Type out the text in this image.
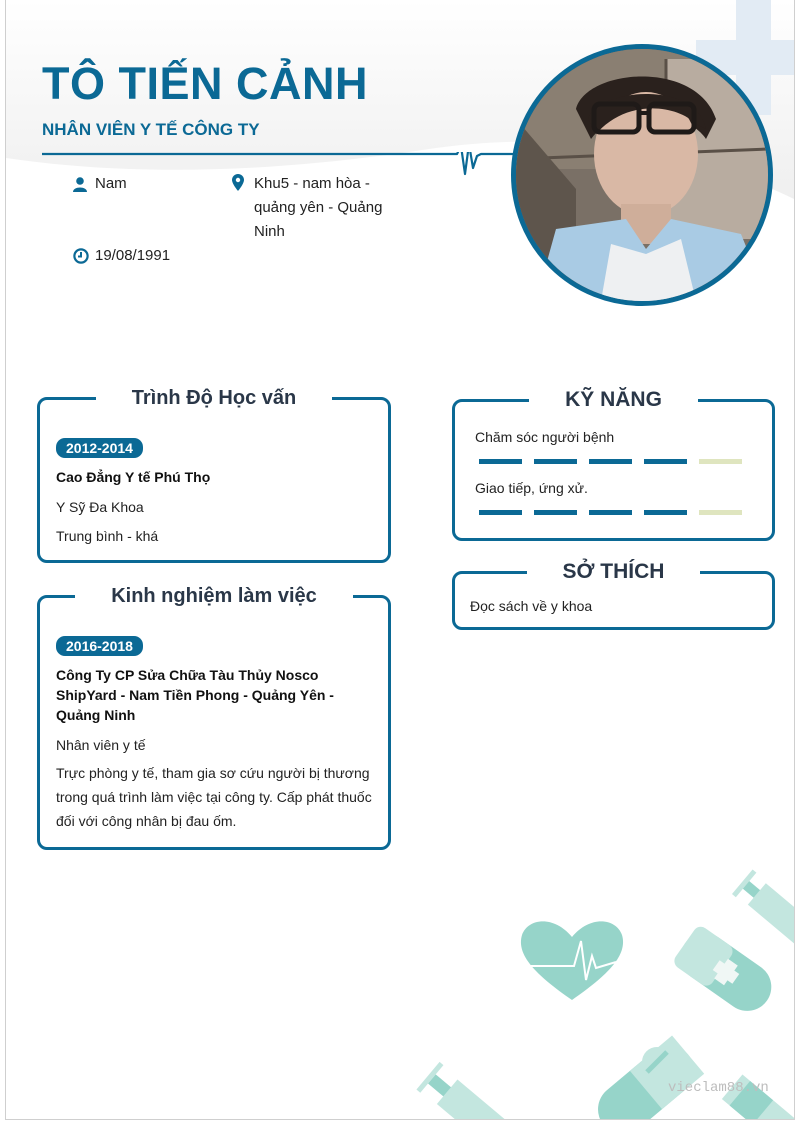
TÔ TIẾN CẢNH
NHÂN VIÊN Y TẾ CÔNG TY
Nam	Khu5 - nam hòa - quảng yên - Quảng Ninh
19/08/1991
Trình Độ Học vấn
2012-2014
Cao Đẳng Y tế Phú Thọ
Y Sỹ Đa Khoa
Trung bình - khá
Kinh nghiệm làm việc
2016-2018
Công Ty CP Sửa Chữa Tàu Thủy Nosco ShipYard - Nam Tiền Phong - Quảng Yên - Quảng Ninh
Nhân viên y tế
Trực phòng y tế, tham gia sơ cứu người bị thương trong quá trình làm việc tại công ty. Cấp phát thuốc đối với công nhân bị đau ốm.
KỸ NĂNG
Chăm sóc người bệnh
Giao tiếp, ứng xử.
SỞ THÍCH
Đọc sách về y khoa
vieclam88.vn
